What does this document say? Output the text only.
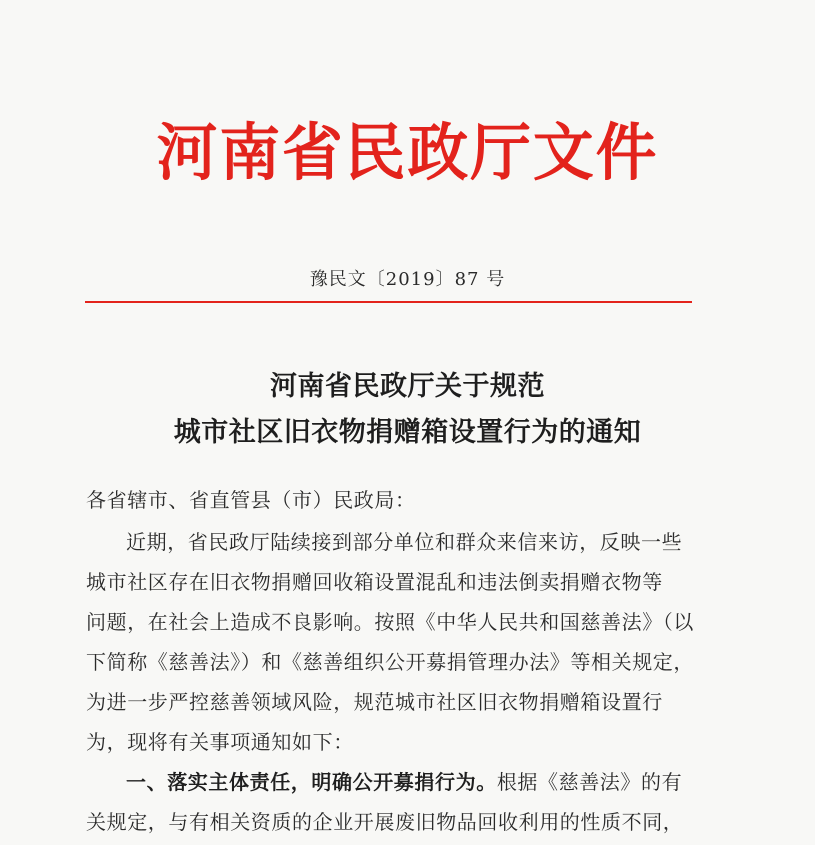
河南省民政厅文件
豫民文〔2019〕87 号
河南省民政厅关于规范
城市社区旧衣物捐赠箱设置行为的通知
各省辖市、省直管县（市）民政局：
近期，省民政厅陆续接到部分单位和群众来信来访，反映一些
城市社区存在旧衣物捐赠回收箱设置混乱和违法倒卖捐赠衣物等
问题，在社会上造成不良影响。按照《中华人民共和国慈善法》（以
下简称《慈善法》）和《慈善组织公开募捐管理办法》等相关规定，
为进一步严控慈善领域风险，规范城市社区旧衣物捐赠箱设置行
为，现将有关事项通知如下：
一、落实主体责任，明确公开募捐行为。根据《慈善法》的有
关规定，与有相关资质的企业开展废旧物品回收利用的性质不同，
